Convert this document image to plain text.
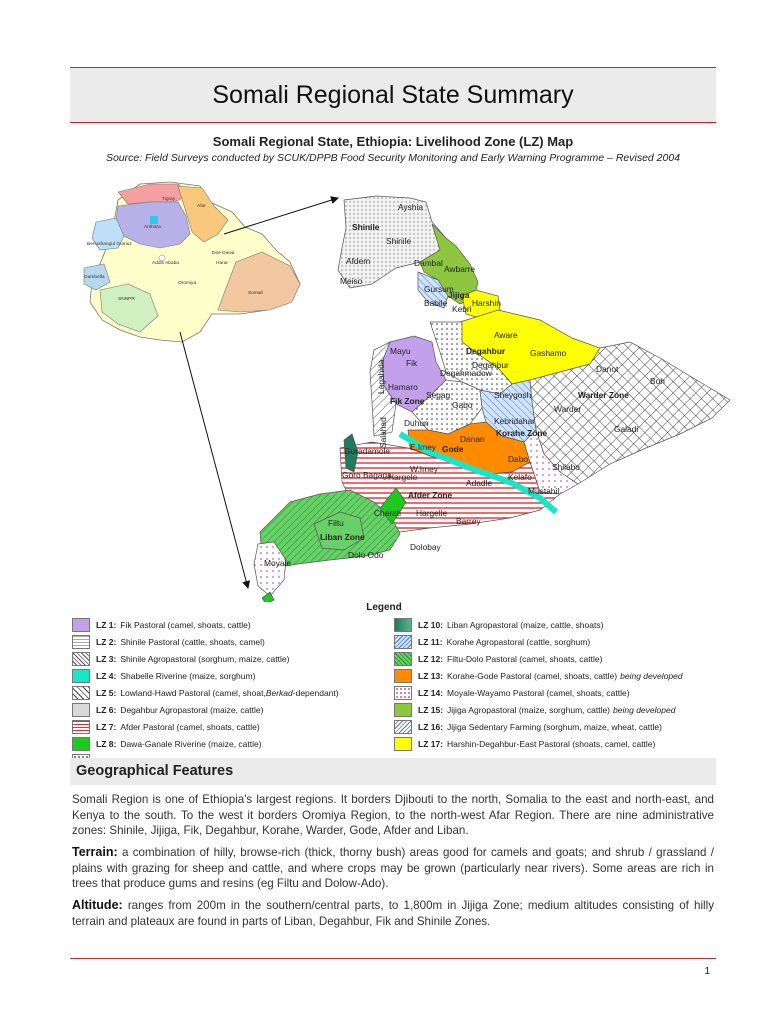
Somali Regional State Summary
Somali Regional State, Ethiopia: Livelihood Zone (LZ) Map
Source: Field Surveys conducted by SCUK/DPPB Food Security Monitoring and Early Warning Programme – Revised 2004
Tigray
Afar
Amhara
Benushangul Gumuz
Addis Ababa
Dire Dawa
Harar
Gambella
Oromiya
Somali
SNNPR
Ayshia
Shinile
Shinile
Afdem	Dambal
Meiso
Awbarre
Gursum
Jijiga
Babile	Harshin
Kebri
Aware
Degahbur	Gashamo
Mayu
Fik	Degahbur	Danot
Boh
Lagahida Hamaro
Fik Zone
Segag
Degahmadow
Warder Zone
Warder
Salahad Duhun
Gabo
Sheygosh
Kebridahar
Danan
Korahe Zone	Galadi
E.Imey
Dabo
Gode
Shilabo
Guradamole
W.Imey
Goro Bagaga
Hargele	Kelafo
Mustahil
Afder Zone
Adadle
Filtu
Cherati Hargelle
Barrey
Liban Zone
Dolo Odo
Dolobay
Moyale
Legend
LZ 1: Fik Pastoral (camel, shoats, cattle)
LZ 2: Shinile Pastoral (cattle, shoats, camel)
LZ 3: Shinile Agropastoral (sorghum, maize, cattle)
LZ 4: Shabelle Riverine (maize, sorghum)
LZ 5: Lowland-Hawd Pastoral (camel, shoat, Berkad -dependant)
LZ 6: Degahbur Agropastoral (maize, cattle)
LZ 7: Afder Pastoral (camel, shoats, cattle)
LZ 8: Dawa-Ganale Riverine (maize, cattle)
LZ 10: Liban Agropastoral (maize, cattle, shoats)
LZ 11: Korahe Agropastoral (cattle, sorghum)
LZ 12: Filtu-Dolo Pastoral (camel, shoats, cattle)
LZ 13: Korahe-Gode Pastoral (camel, shoats, cattle) being developed
LZ 14: Moyale-Wayamo Pastoral (camel, shoats, cattle)
LZ 15: Jijiga Agropastoral (maize, sorghum, cattle) being developed
LZ 16: Jijiga Sedentary Farming (sorghum, maize, wheat, cattle)
LZ 17: Harshin-Degahbur-East Pastoral (shoats, camel, cattle)
Geographical Features

Somali Region is one of Ethiopia's largest regions. It borders Djibouti to the north, Somalia to the east and north-east, and Kenya to the south. To the west it borders Oromiya Region, to the north-west Afar Region. There are nine administrative zones: Shinile, Jijiga, Fik, Degahbur, Korahe, Warder, Gode, Afder and Liban.

Terrain: a combination of hilly, browse-rich (thick, thorny bush) areas good for camels and goats; and shrub / grassland / plains with grazing for sheep and cattle, and where crops may be grown (particularly near rivers). Some areas are rich in trees that produce gums and resins (eg Filtu and Dolow-Ado).

Altitude: ranges from 200m in the southern/central parts, to 1,800m in Jijiga Zone; medium altitudes consisting of hilly terrain and plateaux are found in parts of Liban, Degahbur, Fik and Shinile Zones.

1
